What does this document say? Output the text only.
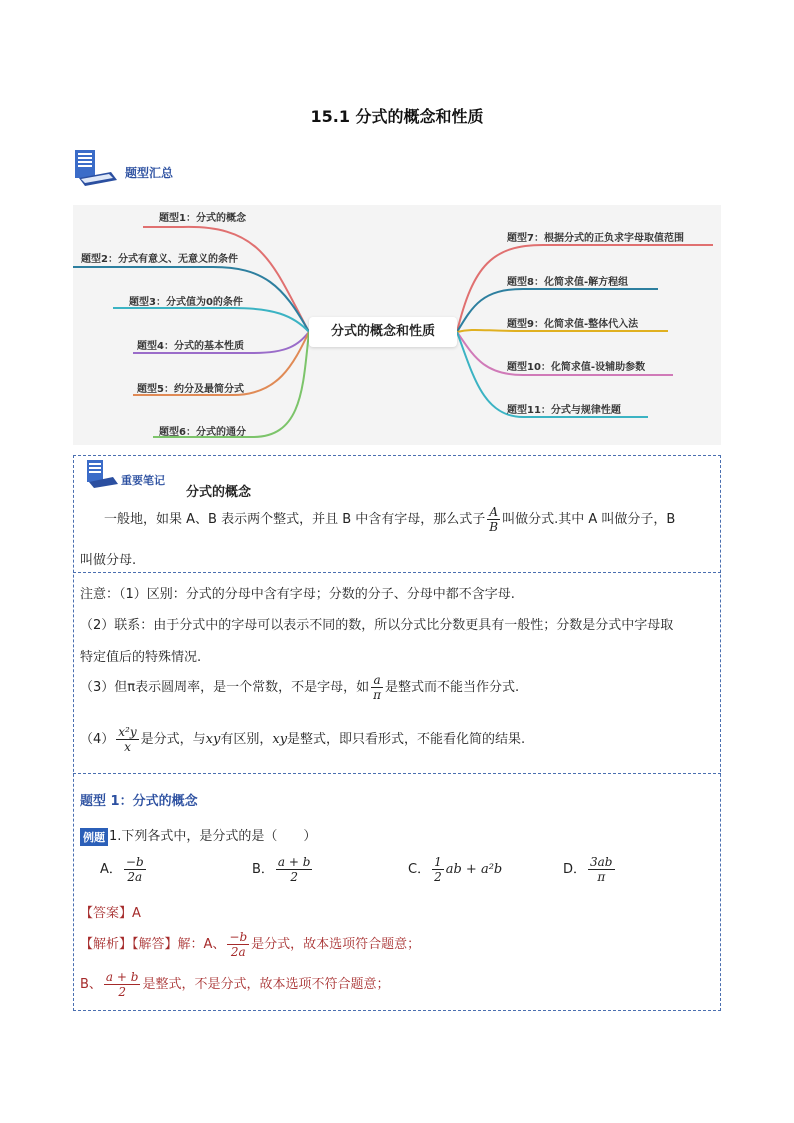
15.1 分式的概念和性质
题型汇总
题型1：分式的概念
题型2：分式有意义、无意义的条件
题型3：分式值为0的条件
题型4：分式的基本性质
题型5：约分及最简分式
题型6：分式的通分
题型7：根据分式的正负求字母取值范围
题型8：化简求值-解方程组
题型9：化简求值-整体代入法
题型10：化简求值-设辅助参数
题型11：分式与规律性题
分式的概念和性质
重要笔记
分式的概念
一般地，如果 A、B 表示两个整式，并且 B 中含有字母，那么式子 $\frac{A}{B}$ 叫做分式.其中 A 叫做分子，B
叫做分母.
注意：（1）区别：分式的分母中含有字母；分数的分子、分母中都不含字母.
（2）联系：由于分式中的字母可以表示不同的数，所以分式比分数更具有一般性；分数是分式中字母取
特定值后的特殊情况.
（3）但π表示圆周率，是一个常数，不是字母，如 $\frac{a}{\pi}$ 是整式而不能当作分式.
$(4) \frac{\text{x²y}}{x}$ 是分式，与xy有区别，xy是整式，即只看形式，不能看化简的结果.
题型 1：分式的概念
例题 1.下列各式中，是分式的是（　　）
A． $\frac{-b}{2a}$	B． $\frac{a + b}{2}$	C． $\frac{1}{2}$ ab + a²b	D． $\frac{3ab}{\pi}$
【答案】A
【解析】【解答】解：A、 $\frac{-b}{2a}$ 是分式，故本选项符合题意；
B、 $\frac{a + b}{2}$ 是整式，不是分式，故本选项不符合题意；
